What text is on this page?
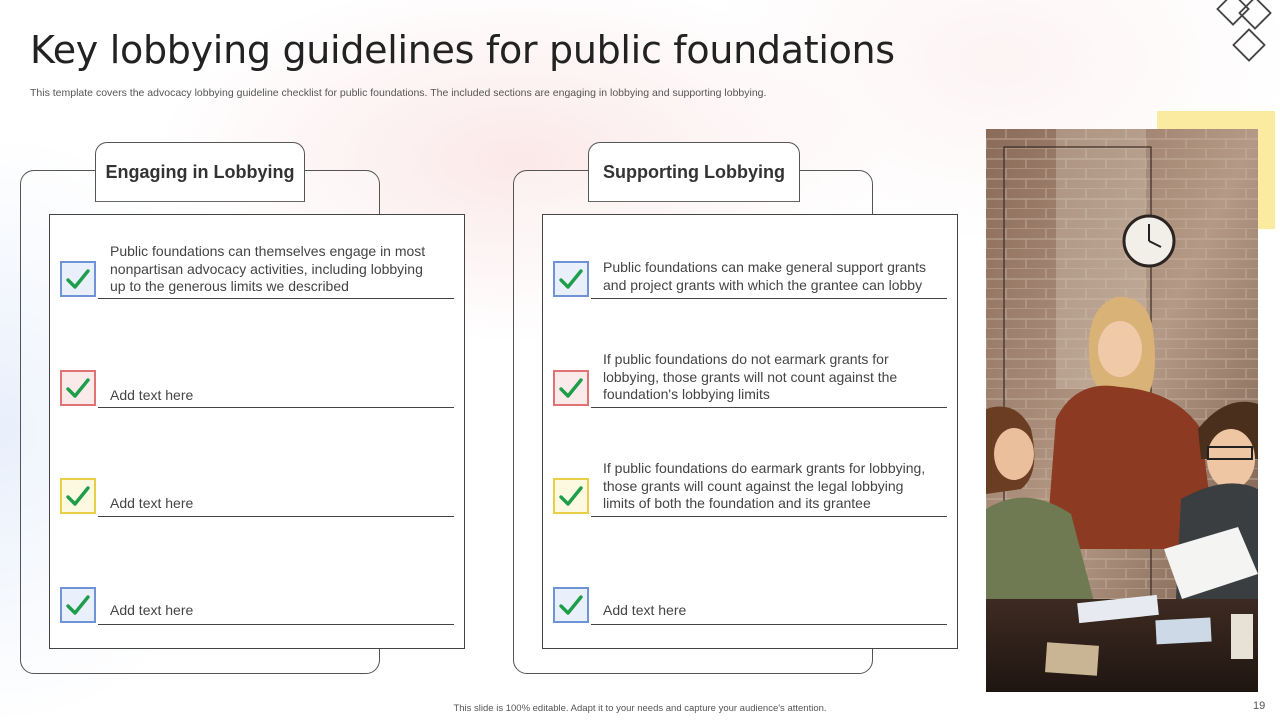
Key lobbying guidelines for public foundations
This template covers the advocacy lobbying guideline checklist for public foundations. The included sections are engaging in lobbying and supporting lobbying.
Engaging in Lobbying
Public foundations can themselves engage in most nonpartisan advocacy activities, including lobbying up to the generous limits we described
Add text here
Add text here
Add text here
Supporting Lobbying
Public foundations can make general support grants and project grants with which the grantee can lobby
If public foundations do not earmark grants for lobbying, those grants will not count against the foundation's lobbying limits
If public foundations do earmark grants for lobbying, those grants will count against the legal lobbying limits of both the foundation and its grantee
Add text here
This slide is 100% editable. Adapt it to your needs and capture your audience's attention.	19
